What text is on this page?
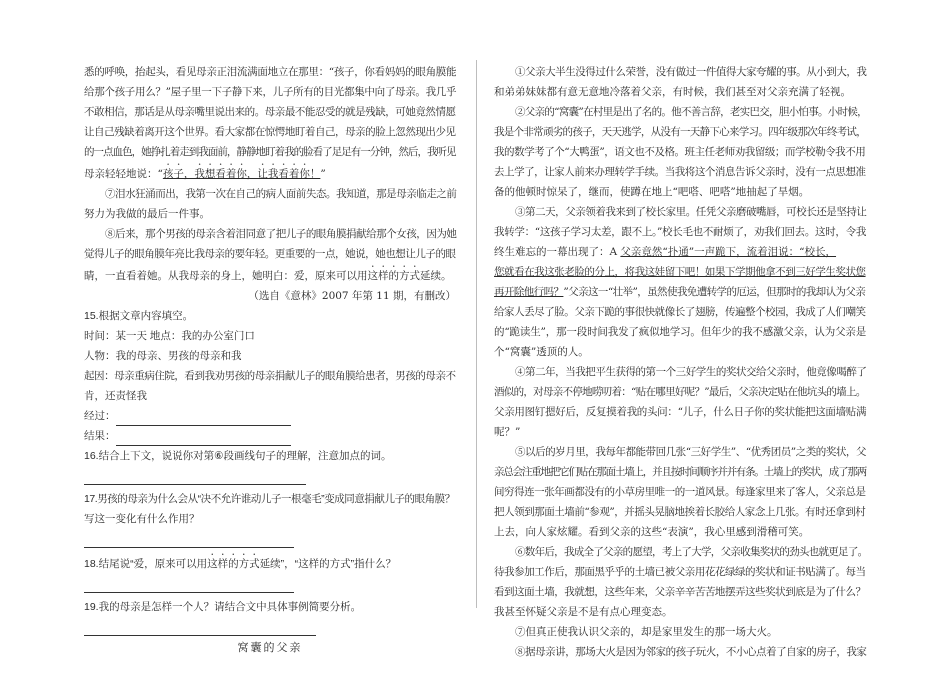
悉的呼唤，抬起头，看见母亲正泪流满面地立在那里：“孩子，你看妈妈的眼角膜能

给那个孩子用么？”屋子里一下子静下来，儿子所有的目光都集中向了母亲。我几乎

不敢相信，那话是从母亲嘴里说出来的。母亲最不能忍受的就是残缺，可她竟然情愿

让自己残缺着离开这个世界。看大家都在惊愕地盯着自己，母亲的脸上忽然现出少见

的一点血色，她挣扎着走到我面前，静静地盯着我的脸看了足足有一分钟，然后，我听见

母亲轻轻地说：“孩子，我想看着你，让我看着你！”

⑦泪水狂涌而出，我第一次在自己的病人面前失态。我知道，那是母亲临走之前

努力为我做的最后一件事。

⑧后来，那个男孩的母亲含着泪同意了把儿子的眼角膜捐献给那个女孩，因为她

觉得儿子的眼角膜年亮比我母亲的要年轻。更重要的一点，她说，她也想让儿子的眼

睛，一直看着她。从我母亲的身上，她明白：爱，原来可以用这样的方式延续。

（选自《意林》2007 年第 11 期，有删改）

15.根据文章内容填空。

时间：某一天 地点：我的办公室门口

人物：我的母亲、男孩的母亲和我

起因：母亲重病住院，看到我劝男孩的母亲捐献儿子的眼角膜给患者，男孩的母亲不

肯，还责怪我

经过：

结果：

16.结合上下文，说说你对第⑥段画线句子的理解，注意加点的词。

17.男孩的母亲为什么会从“决不允许谁动儿子一根毫毛”变成同意捐献儿子的眼角膜？

写这一变化有什么作用？

18.结尾说“爱，原来可以用这样的方式延续”，“这样的方式”指什么？

19.我的母亲是怎样一个人？请结合文中具体事例简要分析。

窝囊的父亲

①父亲大半生没得过什么荣誉，没有做过一件值得大家夸耀的事。从小到大，我

和弟弟妹妹都有意无意地冷落着父亲，有时候，我们甚至对父亲充满了轻视。

②父亲的“窝囊”在村里是出了名的。他不善言辞，老实巴交，胆小怕事。小时候，

我是个非常顽劣的孩子，天天逃学，从没有一天静下心来学习。四年级那次年终考试，

我的数学考了个“大鸭蛋”，语文也不及格。班主任老师劝我留级；而学校勒令我不用

去上学了，让家人前来办理转学手续。当我将这个消息告诉父亲时，没有一点思想准

备的他顿时惊呆了，继而，使蹲在地上“吧嗒、吧嗒”地抽起了旱烟。

③第二天，父亲领着我来到了校长家里。任凭父亲磨破嘴唇，可校长还是坚持让

我转学：“这孩子学习太差，跟不上。”校长毛也不耐烦了，劝我们回去。这时，令我

终生难忘的一幕出现了：A 父亲竟然“扑通”一声跪下，流着泪说：“校长，

您就看在我这张老脸的分上，将我这娃留下吧！如果下学期他拿不到三好学生奖状您

再开除他行吗？”父亲这一“壮举”，虽然使我免遭转学的厄运，但那时的我却认为父亲

给家人丢尽了脸。父亲下跪的事很快就像长了翅膀，传遍整个校园，我成了人们嘲笑

的“跪读生”，那一段时间我发了疯似地学习。但年少的我不感激父亲，认为父亲是

个“窝囊”透顶的人。

④第二年，当我把平生获得的第一个三好学生的奖状交给父亲时，他竟像喝醉了

酒似的，对母亲不停地唠叨着：“贴在哪里好呢？”最后，父亲决定贴在他坑头的墙上。

父亲用图钉摁好后，反复摸着我的头问：“儿子，什么日子你的奖状能把这面墙贴满

呢？”

⑤以后的岁月里，我每年都能带回几张“三好学生”、“优秀团员”之类的奖状，父

亲总会注重地把它们贴在那面土墙上，并且按时间顺序并并有条。土墙上的奖状，成了那两

间穷得连一张年画都没有的小草房里唯一的一道风景。每逢家里来了客人，父亲总是

把人领到那面土墙前“参观”，并摇头晃脑地挨着长胶给人家念上几张。有时还拿到村

上去，向人家炫耀。看到父亲的这些“表演”，我心里感到滑稽可笑。

⑥数年后，我成全了父亲的愿望，考上了大学，父亲收集奖状的劲头也就更足了。

待我参加工作后，那面黑乎乎的土墙已被父亲用花花绿绿的奖状和证书贴满了。每当

看到这面土墙，我就想，这些年来，父亲辛辛苦苦地摆弄这些奖状到底是为了什么？

我甚至怀疑父亲是不是有点心理变态。

⑦但真正使我认识父亲的，却是家里发生的那一场大火。

⑧据母亲讲，那场大火是因为邻家的孩子玩火，不小心点着了自家的房子，我家
